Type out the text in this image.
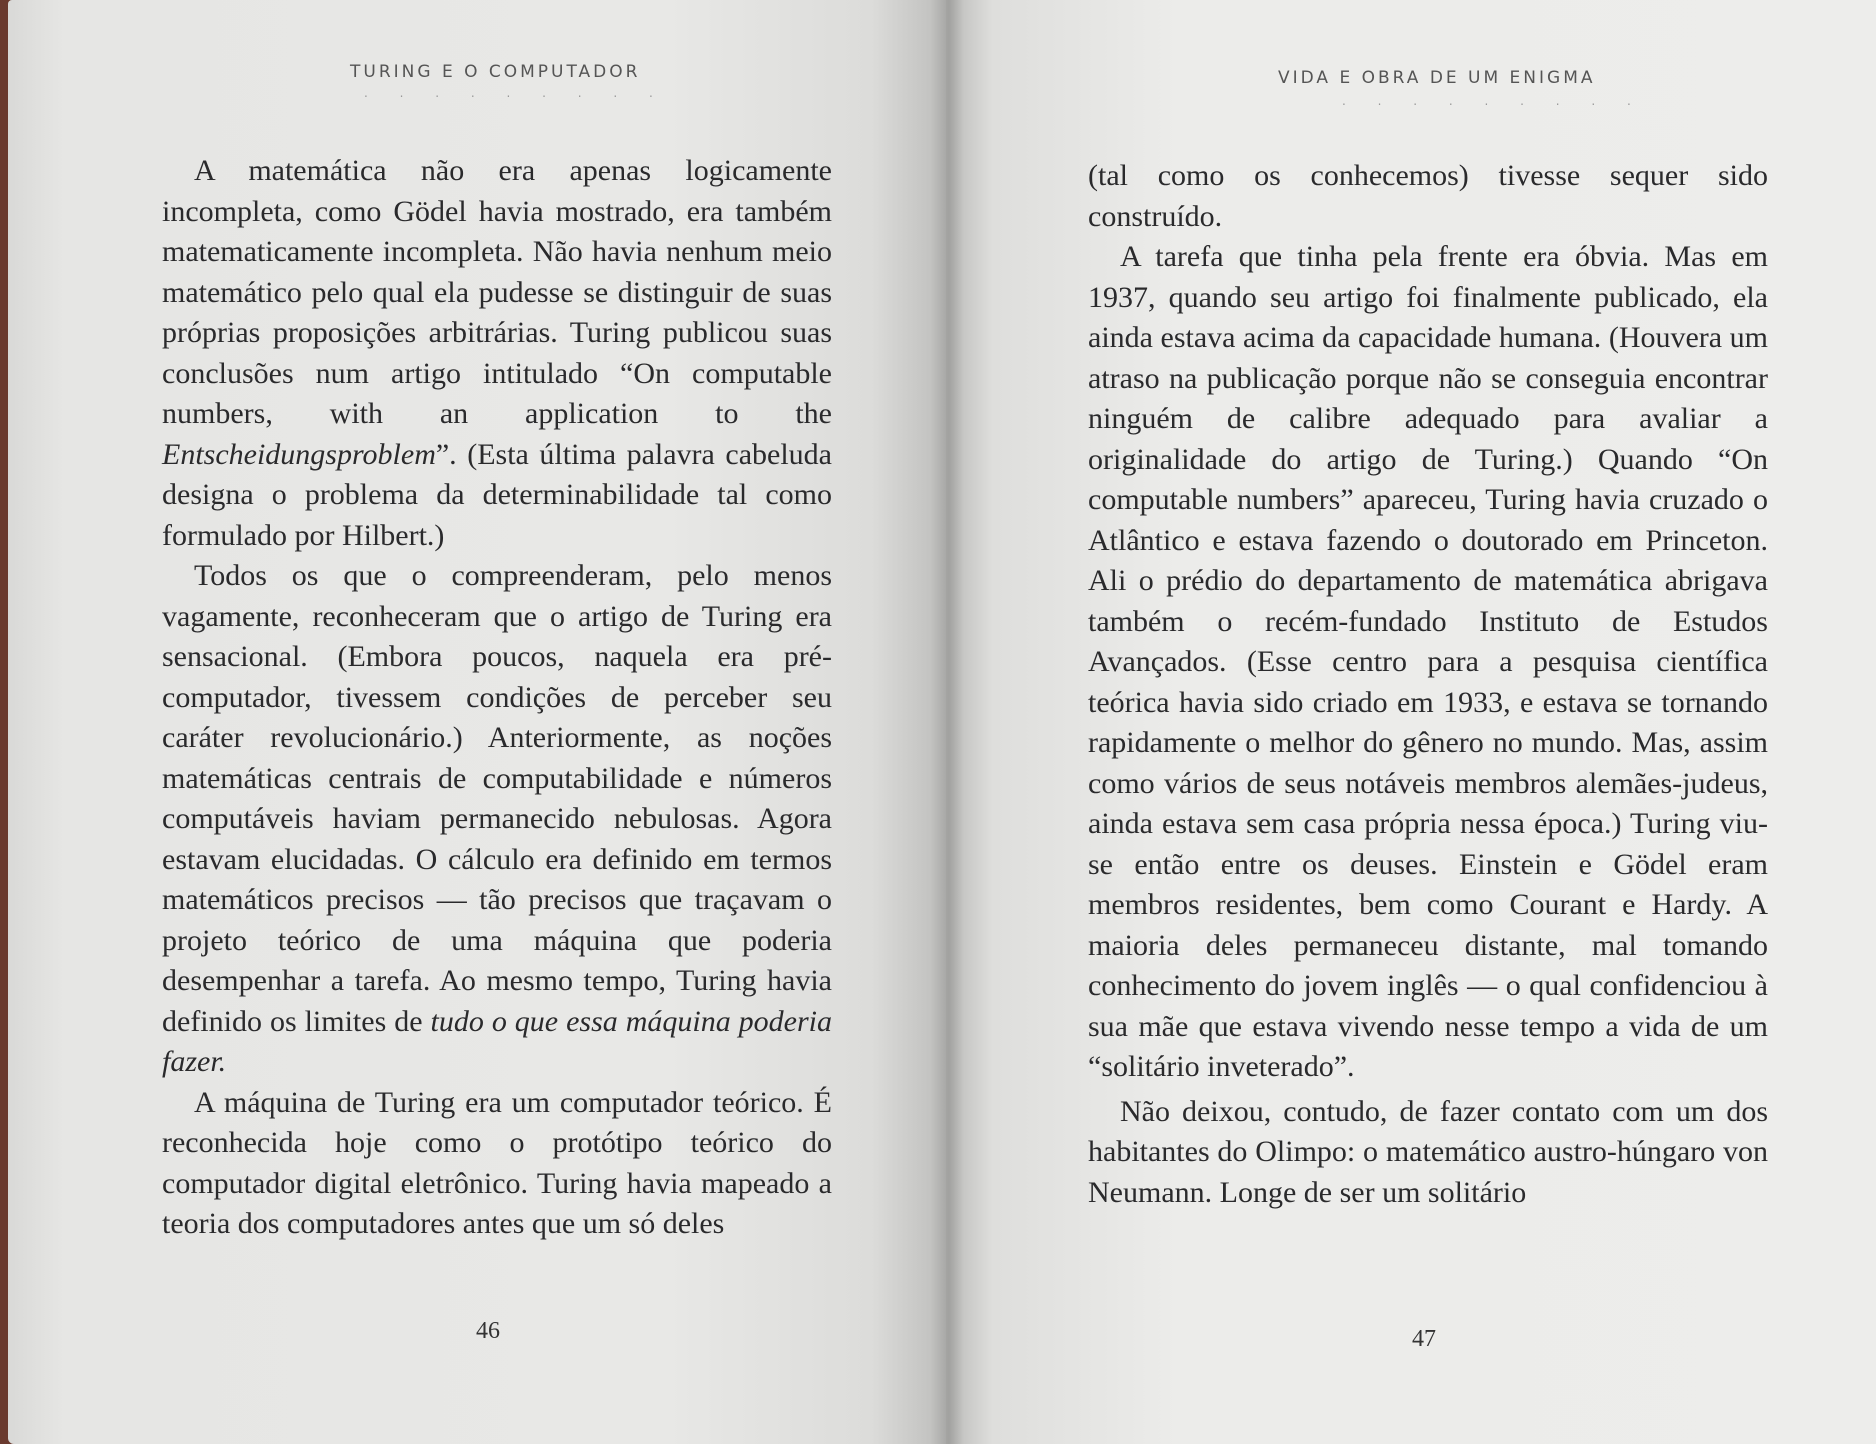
TURING E O COMPUTADOR
. . . . . . . . .

A matemática não era apenas logicamente incompleta, como Gödel havia mostrado, era também matematicamente incompleta. Não havia nenhum meio matemático pelo qual ela pudesse se distinguir de suas próprias proposições arbitrárias. Turing publicou suas conclusões num artigo intitulado “On computable numbers, with an application to the Entscheidungsproblem”. (Esta última palavra cabeluda designa o problema da determinabilidade tal como formulado por Hilbert.)

Todos os que o compreenderam, pelo menos vagamente, reconheceram que o artigo de Turing era sensacional. (Embora poucos, naquela era pré-computador, tivessem condições de perceber seu caráter revolucionário.) Anteriormente, as noções matemáticas centrais de computabilidade e números computáveis haviam permanecido nebulosas. Agora estavam elucidadas. O cálculo era definido em termos matemáticos precisos — tão precisos que traçavam o projeto teórico de uma máquina que poderia desempenhar a tarefa. Ao mesmo tempo, Turing havia definido os limites de tudo o que essa máquina poderia fazer.

A máquina de Turing era um computador teórico. É reconhecida hoje como o protótipo teórico do computador digital eletrônico. Turing havia mapeado a teoria dos computadores antes que um só deles

46
VIDA E OBRA DE UM ENIGMA
. . . . . . . . .

(tal como os conhecemos) tivesse sequer sido construído.

A tarefa que tinha pela frente era óbvia. Mas em 1937, quando seu artigo foi finalmente publicado, ela ainda estava acima da capacidade humana. (Houvera um atraso na publicação porque não se conseguia encontrar ninguém de calibre adequado para avaliar a originalidade do artigo de Turing.) Quando “On computable numbers” apareceu, Turing havia cruzado o Atlântico e estava fazendo o doutorado em Princeton. Ali o prédio do departamento de matemática abrigava também o recém-fundado Instituto de Estudos Avançados. (Esse centro para a pesquisa científica teórica havia sido criado em 1933, e estava se tornando rapidamente o melhor do gênero no mundo. Mas, assim como vários de seus notáveis membros alemães-judeus, ainda estava sem casa própria nessa época.) Turing viu-se então entre os deuses. Einstein e Gödel eram membros residentes, bem como Courant e Hardy. A maioria deles permaneceu distante, mal tomando conhecimento do jovem inglês — o qual confidenciou à sua mãe que estava vivendo nesse tempo a vida de um “solitário inveterado”.

Não deixou, contudo, de fazer contato com um dos habitantes do Olimpo: o matemático austro-húngaro von Neumann. Longe de ser um solitário

47
